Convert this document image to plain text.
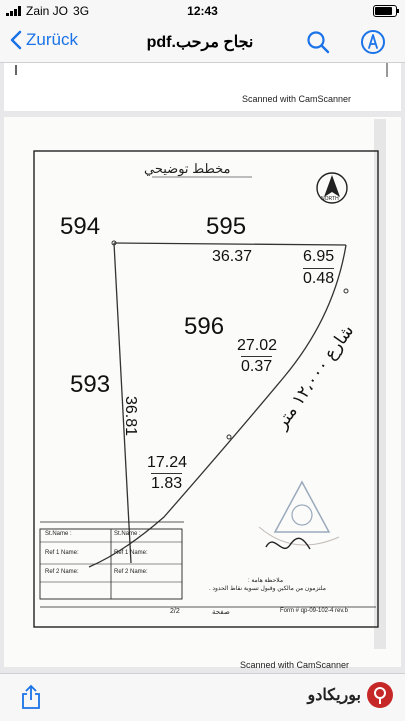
Zain JO 3G	12:43
Zurück	نجاح مرحب.pdf
Scanned with CamScanner
مخطط توضيحي
NORTH
594	595
596
593
36.37	6.95
0.48
27.02
0.37
36.81
17.24
1.83
شارع ١٢،٠٠٠ متر
St.Name :	St.Name :
Ref 1 Name:	Ref 1 Name:
Ref 2 Name:	Ref 2 Name:
ملاحظة هامة :
ملتزمون من مالكين وقبول تسوية نقاط الحدود .
صفحة
2/2	Form # qp-09-102-4 rev.b
Scanned with CamScanner
بوريكادو
